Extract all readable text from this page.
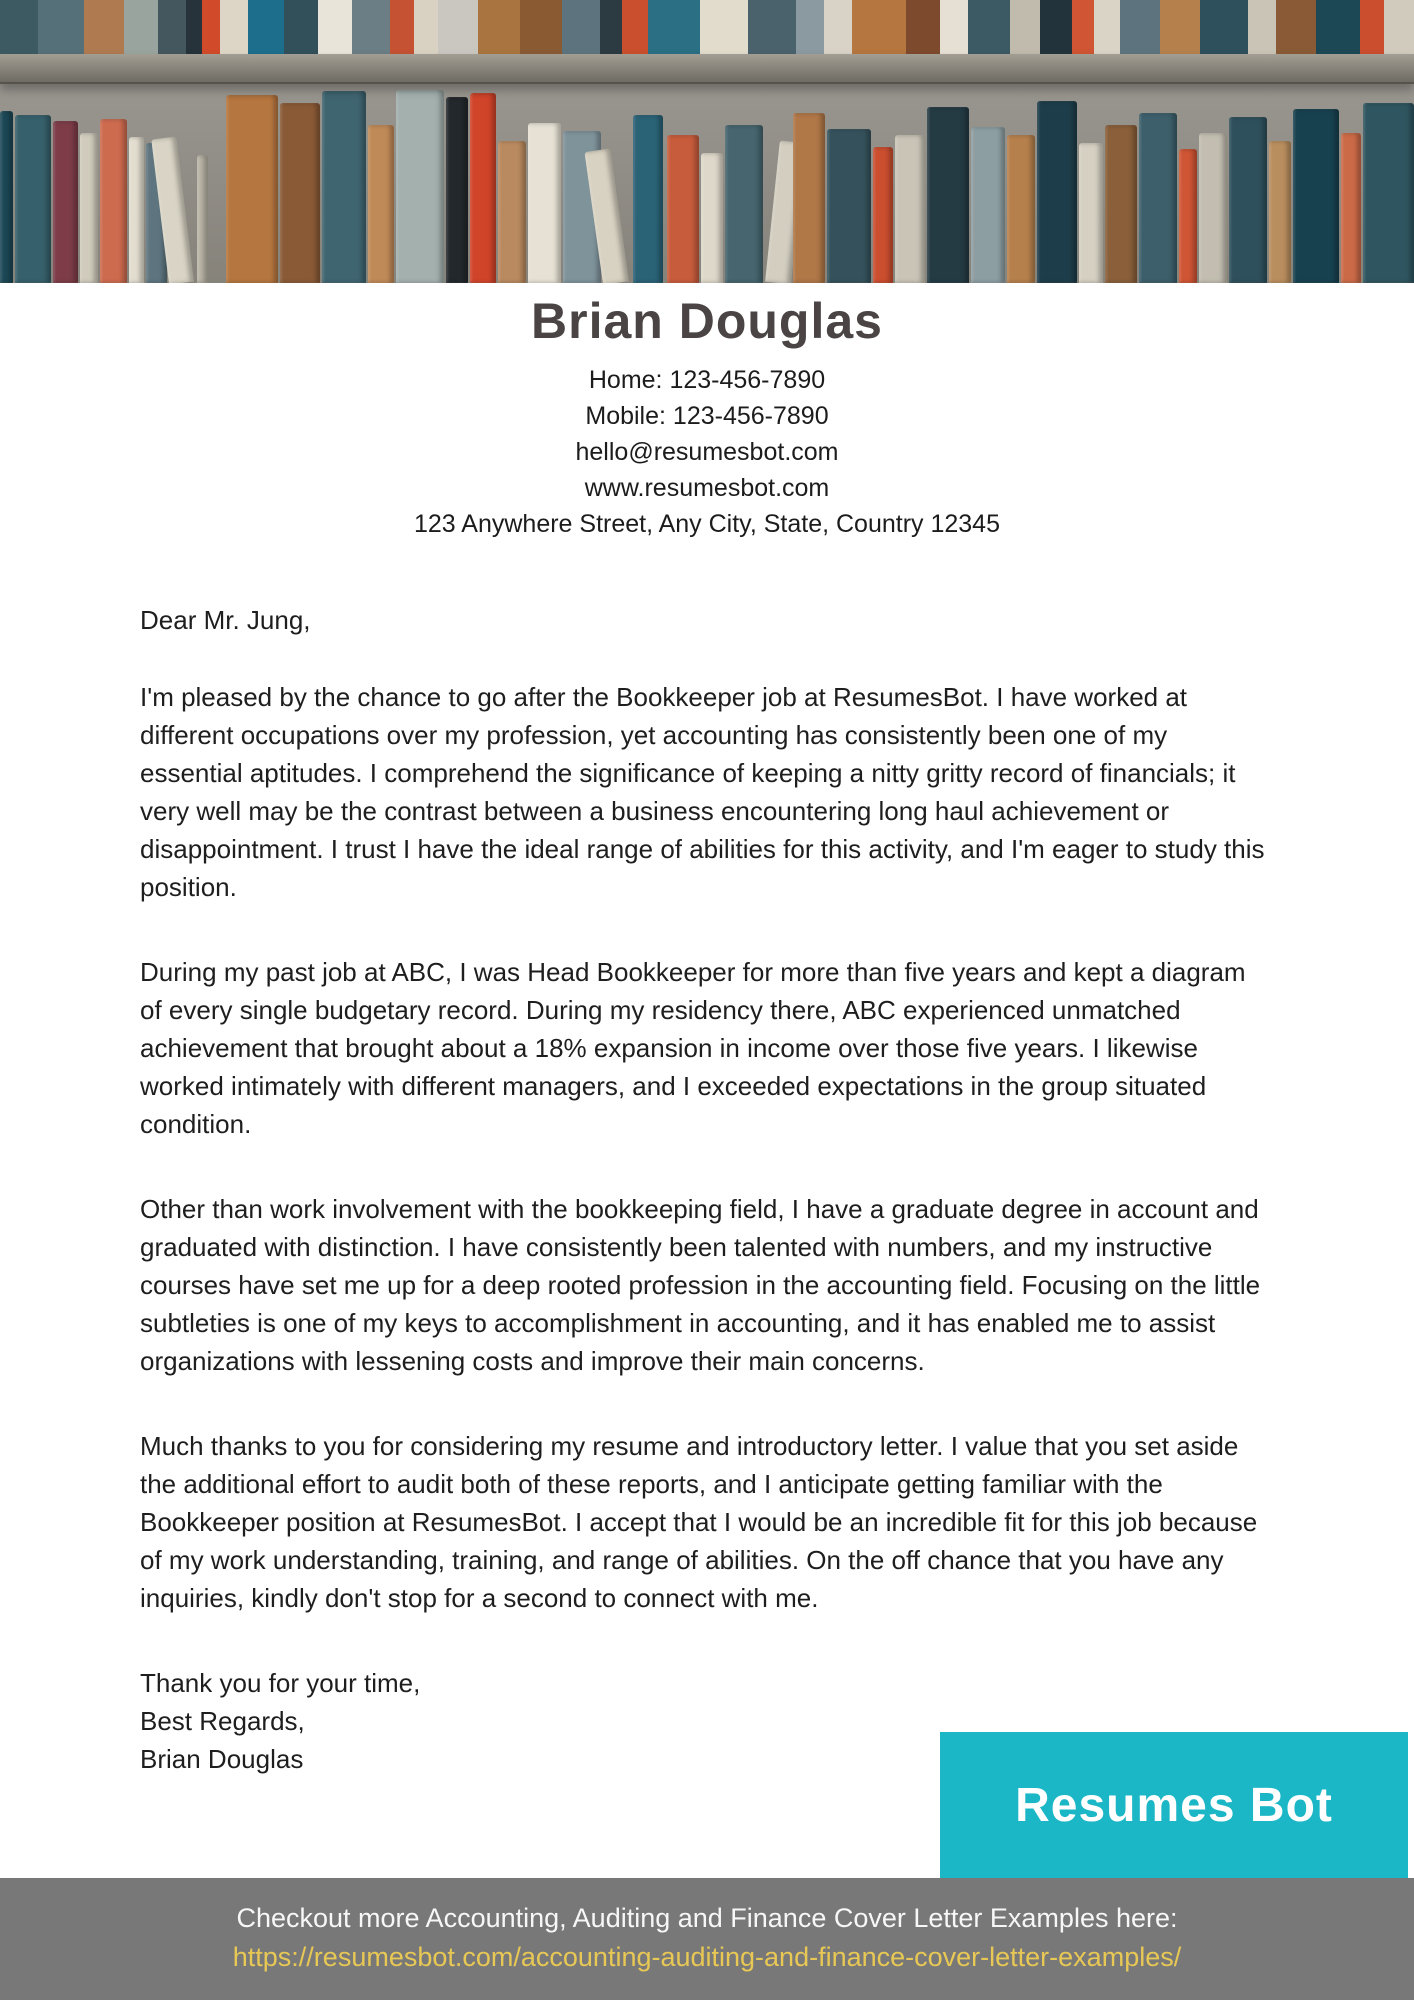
Brian Douglas
Home: 123-456-7890
Mobile: 123-456-7890
hello@resumesbot.com
www.resumesbot.com
123 Anywhere Street, Any City, State, Country 12345

Dear Mr. Jung,

I'm pleased by the chance to go after the Bookkeeper job at ResumesBot. I have worked at different occupations over my profession, yet accounting has consistently been one of my essential aptitudes. I comprehend the significance of keeping a nitty gritty record of financials; it very well may be the contrast between a business encountering long haul achievement or disappointment. I trust I have the ideal range of abilities for this activity, and I'm eager to study this position.

During my past job at ABC, I was Head Bookkeeper for more than five years and kept a diagram of every single budgetary record. During my residency there, ABC experienced unmatched achievement that brought about a 18% expansion in income over those five years. I likewise worked intimately with different managers, and I exceeded expectations in the group situated condition.

Other than work involvement with the bookkeeping field, I have a graduate degree in account and graduated with distinction. I have consistently been talented with numbers, and my instructive courses have set me up for a deep rooted profession in the accounting field. Focusing on the little subtleties is one of my keys to accomplishment in accounting, and it has enabled me to assist organizations with lessening costs and improve their main concerns.

Much thanks to you for considering my resume and introductory letter. I value that you set aside the additional effort to audit both of these reports, and I anticipate getting familiar with the Bookkeeper position at ResumesBot. I accept that I would be an incredible fit for this job because of my work understanding, training, and range of abilities. On the off chance that you have any inquiries, kindly don't stop for a second to connect with me.

Thank you for your time,
Best Regards,
Brian Douglas

Resumes Bot
Checkout more Accounting, Auditing and Finance Cover Letter Examples here:
https://resumesbot.com/accounting-auditing-and-finance-cover-letter-examples/
